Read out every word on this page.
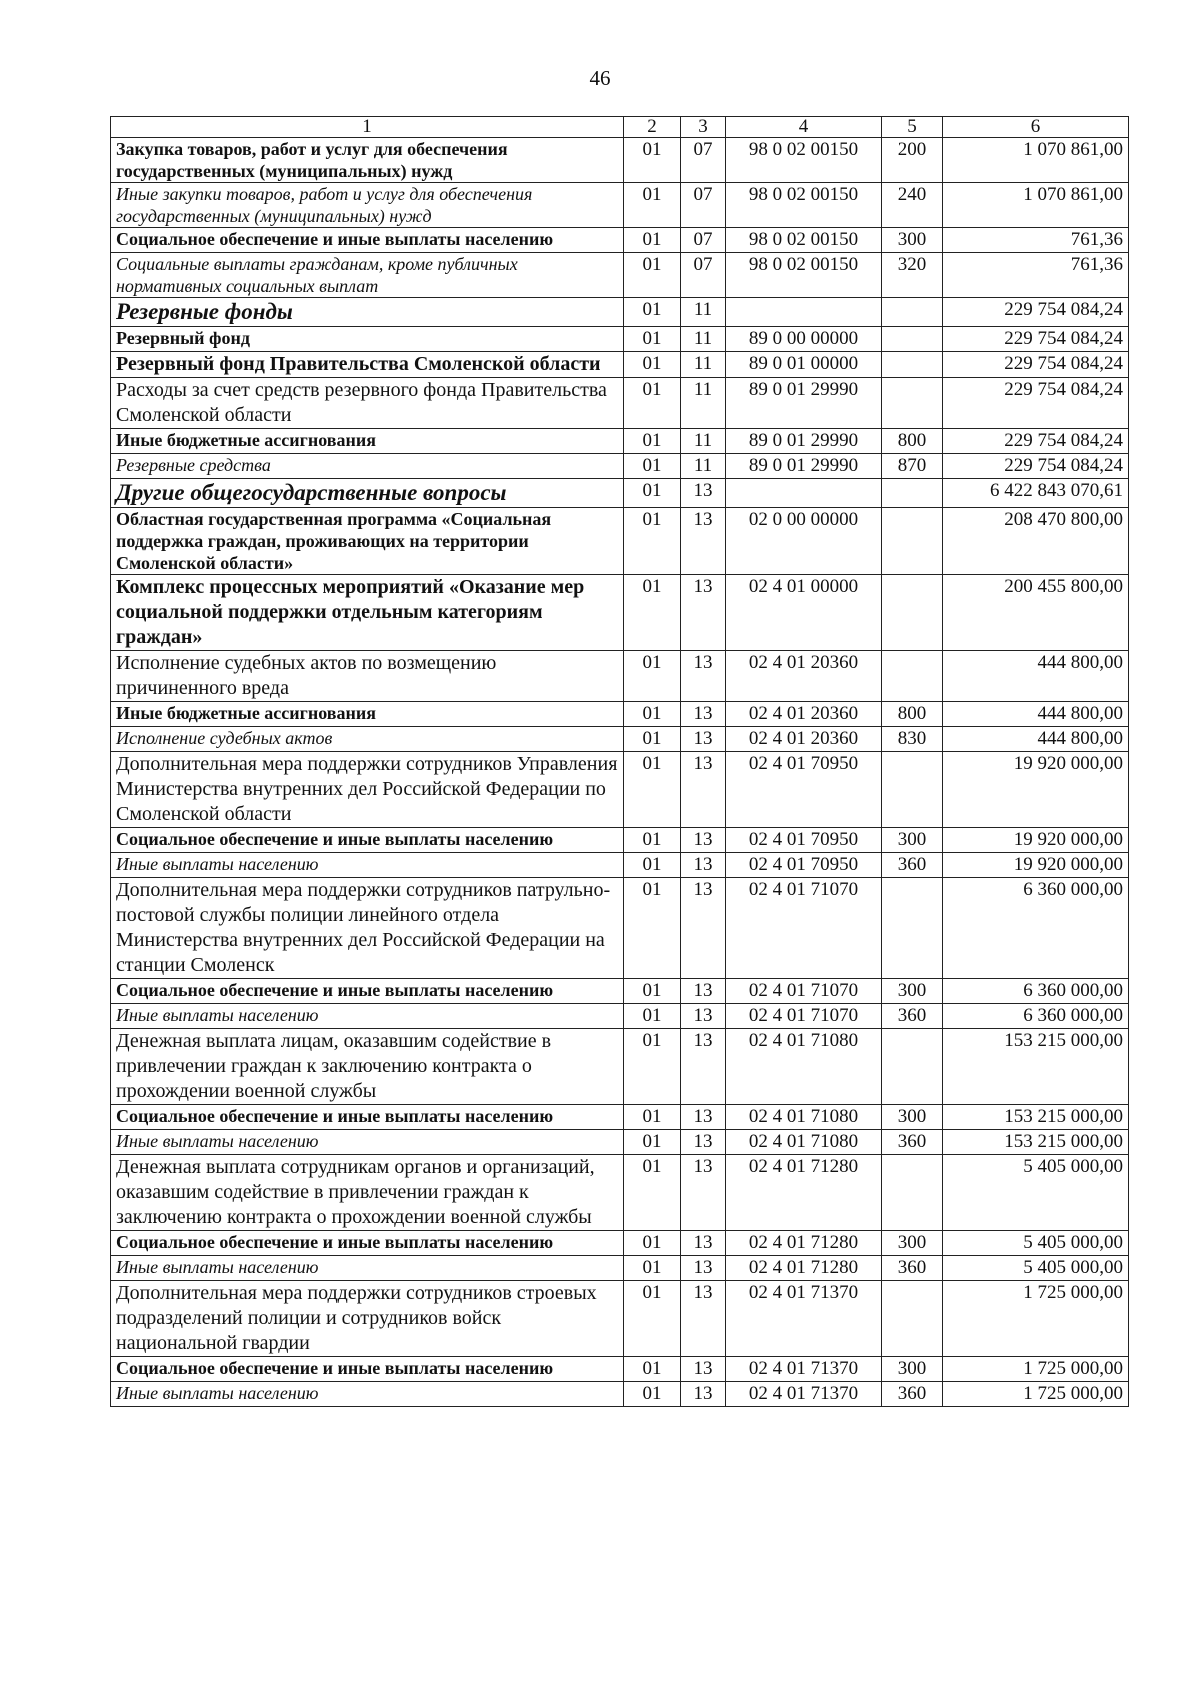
46
1	2	3	4	5	6
Закупка товаров, работ и услуг для обеспечения государственных (муниципальных) нужд	01	07	98 0 02 00150	200	1 070 861,00
Иные закупки товаров, работ и услуг для обеспечения государственных (муниципальных) нужд	01	07	98 0 02 00150	240	1 070 861,00
Социальное обеспечение и иные выплаты населению	01	07	98 0 02 00150	300	761,36
Социальные выплаты гражданам, кроме публичных нормативных социальных выплат	01	07	98 0 02 00150	320	761,36
Резервные фонды	01	11			229 754 084,24
Резервный фонд	01	11	89 0 00 00000		229 754 084,24
Резервный фонд Правительства Смоленской области	01	11	89 0 01 00000		229 754 084,24
Расходы за счет средств резервного фонда Правительства Смоленской области	01	11	89 0 01 29990		229 754 084,24
Иные бюджетные ассигнования	01	11	89 0 01 29990	800	229 754 084,24
Резервные средства	01	11	89 0 01 29990	870	229 754 084,24
Другие общегосударственные вопросы	01	13			6 422 843 070,61
Областная государственная программа «Социальная поддержка граждан, проживающих на территории Смоленской области»	01	13	02 0 00 00000		208 470 800,00
Комплекс процессных мероприятий «Оказание мер социальной поддержки отдельным категориям граждан»	01	13	02 4 01 00000		200 455 800,00
Исполнение судебных актов по возмещению причиненного вреда	01	13	02 4 01 20360		444 800,00
Иные бюджетные ассигнования	01	13	02 4 01 20360	800	444 800,00
Исполнение судебных актов	01	13	02 4 01 20360	830	444 800,00
Дополнительная мера поддержки сотрудников Управления Министерства внутренних дел Российской Федерации по Смоленской области	01	13	02 4 01 70950		19 920 000,00
Социальное обеспечение и иные выплаты населению	01	13	02 4 01 70950	300	19 920 000,00
Иные выплаты населению	01	13	02 4 01 70950	360	19 920 000,00
Дополнительная мера поддержки сотрудников патрульно-постовой службы полиции линейного отдела Министерства внутренних дел Российской Федерации на станции Смоленск	01	13	02 4 01 71070		6 360 000,00
Социальное обеспечение и иные выплаты населению	01	13	02 4 01 71070	300	6 360 000,00
Иные выплаты населению	01	13	02 4 01 71070	360	6 360 000,00
Денежная выплата лицам, оказавшим содействие в привлечении граждан к заключению контракта о прохождении военной службы	01	13	02 4 01 71080		153 215 000,00
Социальное обеспечение и иные выплаты населению	01	13	02 4 01 71080	300	153 215 000,00
Иные выплаты населению	01	13	02 4 01 71080	360	153 215 000,00
Денежная выплата сотрудникам органов и организаций, оказавшим содействие в привлечении граждан к заключению контракта о прохождении военной службы	01	13	02 4 01 71280		5 405 000,00
Социальное обеспечение и иные выплаты населению	01	13	02 4 01 71280	300	5 405 000,00
Иные выплаты населению	01	13	02 4 01 71280	360	5 405 000,00
Дополнительная мера поддержки сотрудников строевых подразделений полиции и сотрудников войск национальной гвардии	01	13	02 4 01 71370		1 725 000,00
Социальное обеспечение и иные выплаты населению	01	13	02 4 01 71370	300	1 725 000,00
Иные выплаты населению	01	13	02 4 01 71370	360	1 725 000,00
